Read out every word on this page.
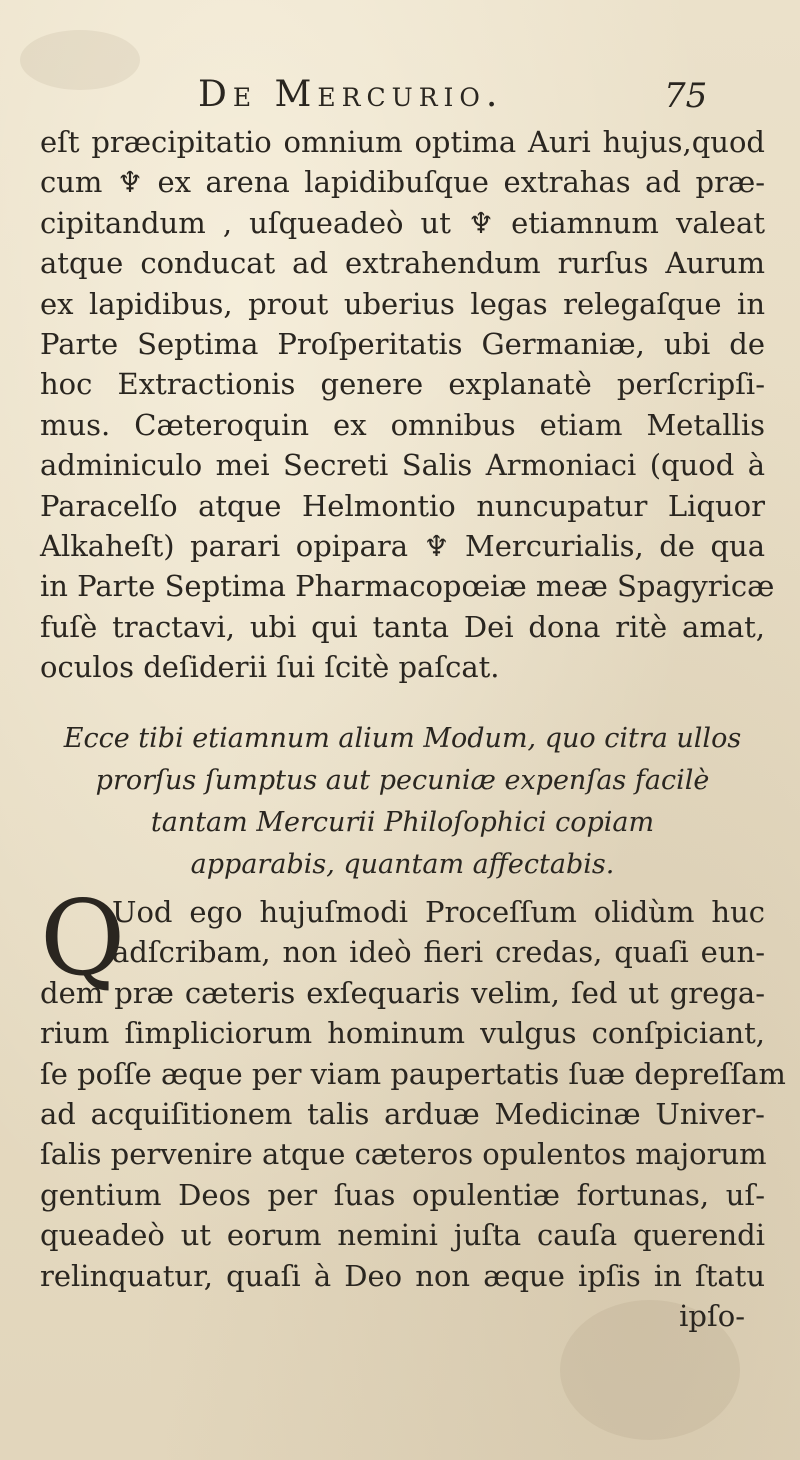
De Mercurio.	75
eſt præcipitatio omnium optima Auri hujus,quod
cum ♆ ex arena lapidibuſque extrahas ad præ-
cipitandum , uſqueadeò ut ♆ etiamnum valeat
atque conducat ad extrahendum rurſus Aurum
ex lapidibus, prout uberius legas relegaſque in
Parte Septima Proſperitatis Germaniæ, ubi de
hoc Extractionis genere explanatè perſcripſi-
mus. Cæteroquin ex omnibus etiam Metallis
adminiculo mei Secreti Salis Armoniaci (quod à
Paracelſo atque Helmontio nuncupatur Liquor
Alkaheſt) parari opipara ♆ Mercurialis, de qua
in Parte Septima Pharmacopœiæ meæ Spagyricæ
fuſè tractavi, ubi qui tanta Dei dona ritè amat,
oculos deſiderii ſui ſcitè paſcat.
Ecce tibi etiamnum alium Modum, quo citra ullos
prorſus ſumptus aut pecuniæ expenſas facilè
tantam Mercurii Philoſophici copiam
apparabis, quantam affectabis.
Q
Uod ego hujuſmodi Proceſſum olidùm huc
adſcribam, non ideò fieri credas, quaſi eun-
dem præ cæteris exſequaris velim, ſed ut grega-
rium ſimpliciorum hominum vulgus conſpiciant,
ſe poſſe æque per viam paupertatis ſuæ depreſſam
ad acquiſitionem talis arduæ Medicinæ Univer-
ſalis pervenire atque cæteros opulentos majorum
gentium Deos per ſuas opulentiæ fortunas, uſ-
queadeò ut eorum nemini juſta cauſa querendi
relinquatur, quaſi à Deo non æque ipſis in ſtatu
ipſo-
